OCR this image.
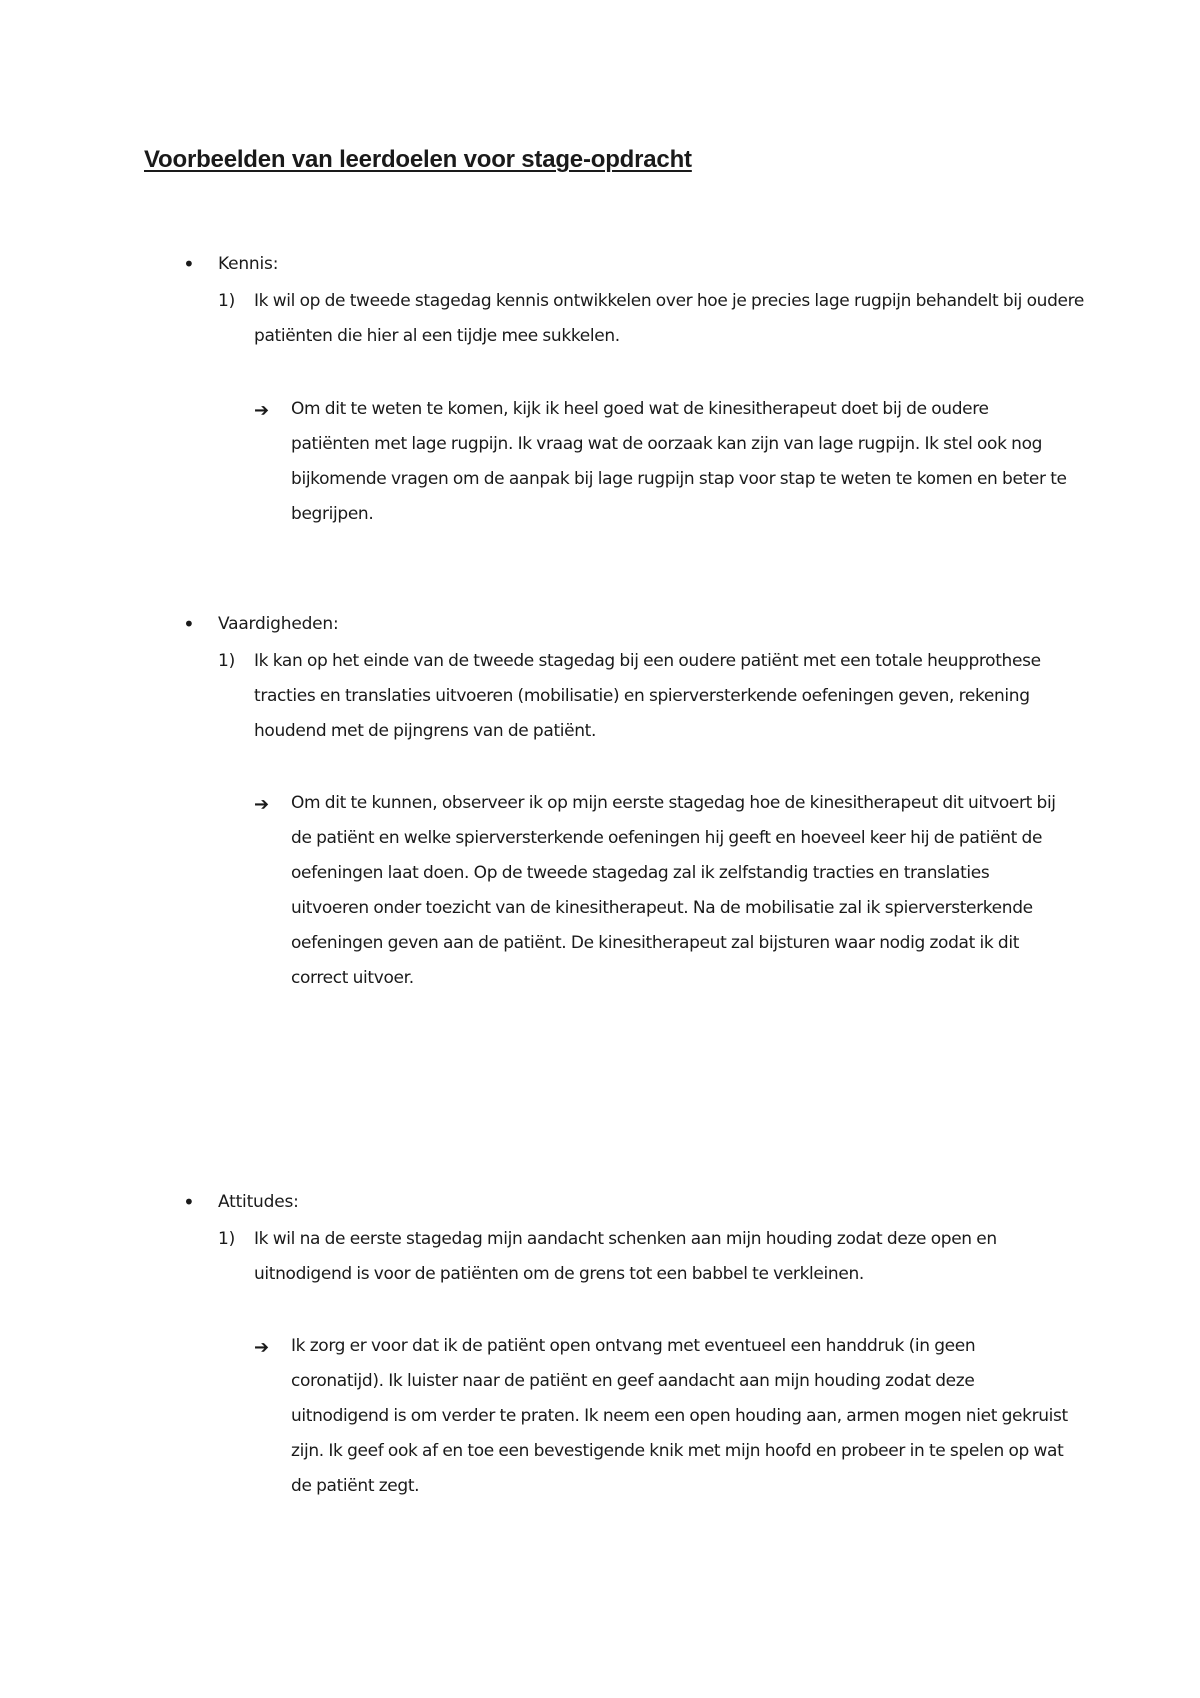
Voorbeelden van leerdoelen voor stage-opdracht
• Kennis:
1) Ik wil op de tweede stagedag kennis ontwikkelen over hoe je precies lage rugpijn behandelt bij oudere patiënten die hier al een tijdje mee sukkelen.
➔ Om dit te weten te komen, kijk ik heel goed wat de kinesitherapeut doet bij de oudere patiënten met lage rugpijn. Ik vraag wat de oorzaak kan zijn van lage rugpijn. Ik stel ook nog bijkomende vragen om de aanpak bij lage rugpijn stap voor stap te weten te komen en beter te begrijpen.
• Vaardigheden:
1) Ik kan op het einde van de tweede stagedag bij een oudere patiënt met een totale heupprothese tracties en translaties uitvoeren (mobilisatie) en spierversterkende oefeningen geven, rekening houdend met de pijngrens van de patiënt.
➔ Om dit te kunnen, observeer ik op mijn eerste stagedag hoe de kinesitherapeut dit uitvoert bij de patiënt en welke spierversterkende oefeningen hij geeft en hoeveel keer hij de patiënt de oefeningen laat doen. Op de tweede stagedag zal ik zelfstandig tracties en translaties uitvoeren onder toezicht van de kinesitherapeut. Na de mobilisatie zal ik spierversterkende oefeningen geven aan de patiënt. De kinesitherapeut zal bijsturen waar nodig zodat ik dit correct uitvoer.
• Attitudes:
1) Ik wil na de eerste stagedag mijn aandacht schenken aan mijn houding zodat deze open en uitnodigend is voor de patiënten om de grens tot een babbel te verkleinen.
➔ Ik zorg er voor dat ik de patiënt open ontvang met eventueel een handdruk (in geen coronatijd). Ik luister naar de patiënt en geef aandacht aan mijn houding zodat deze uitnodigend is om verder te praten. Ik neem een open houding aan, armen mogen niet gekruist zijn. Ik geef ook af en toe een bevestigende knik met mijn hoofd en probeer in te spelen op wat de patiënt zegt.
